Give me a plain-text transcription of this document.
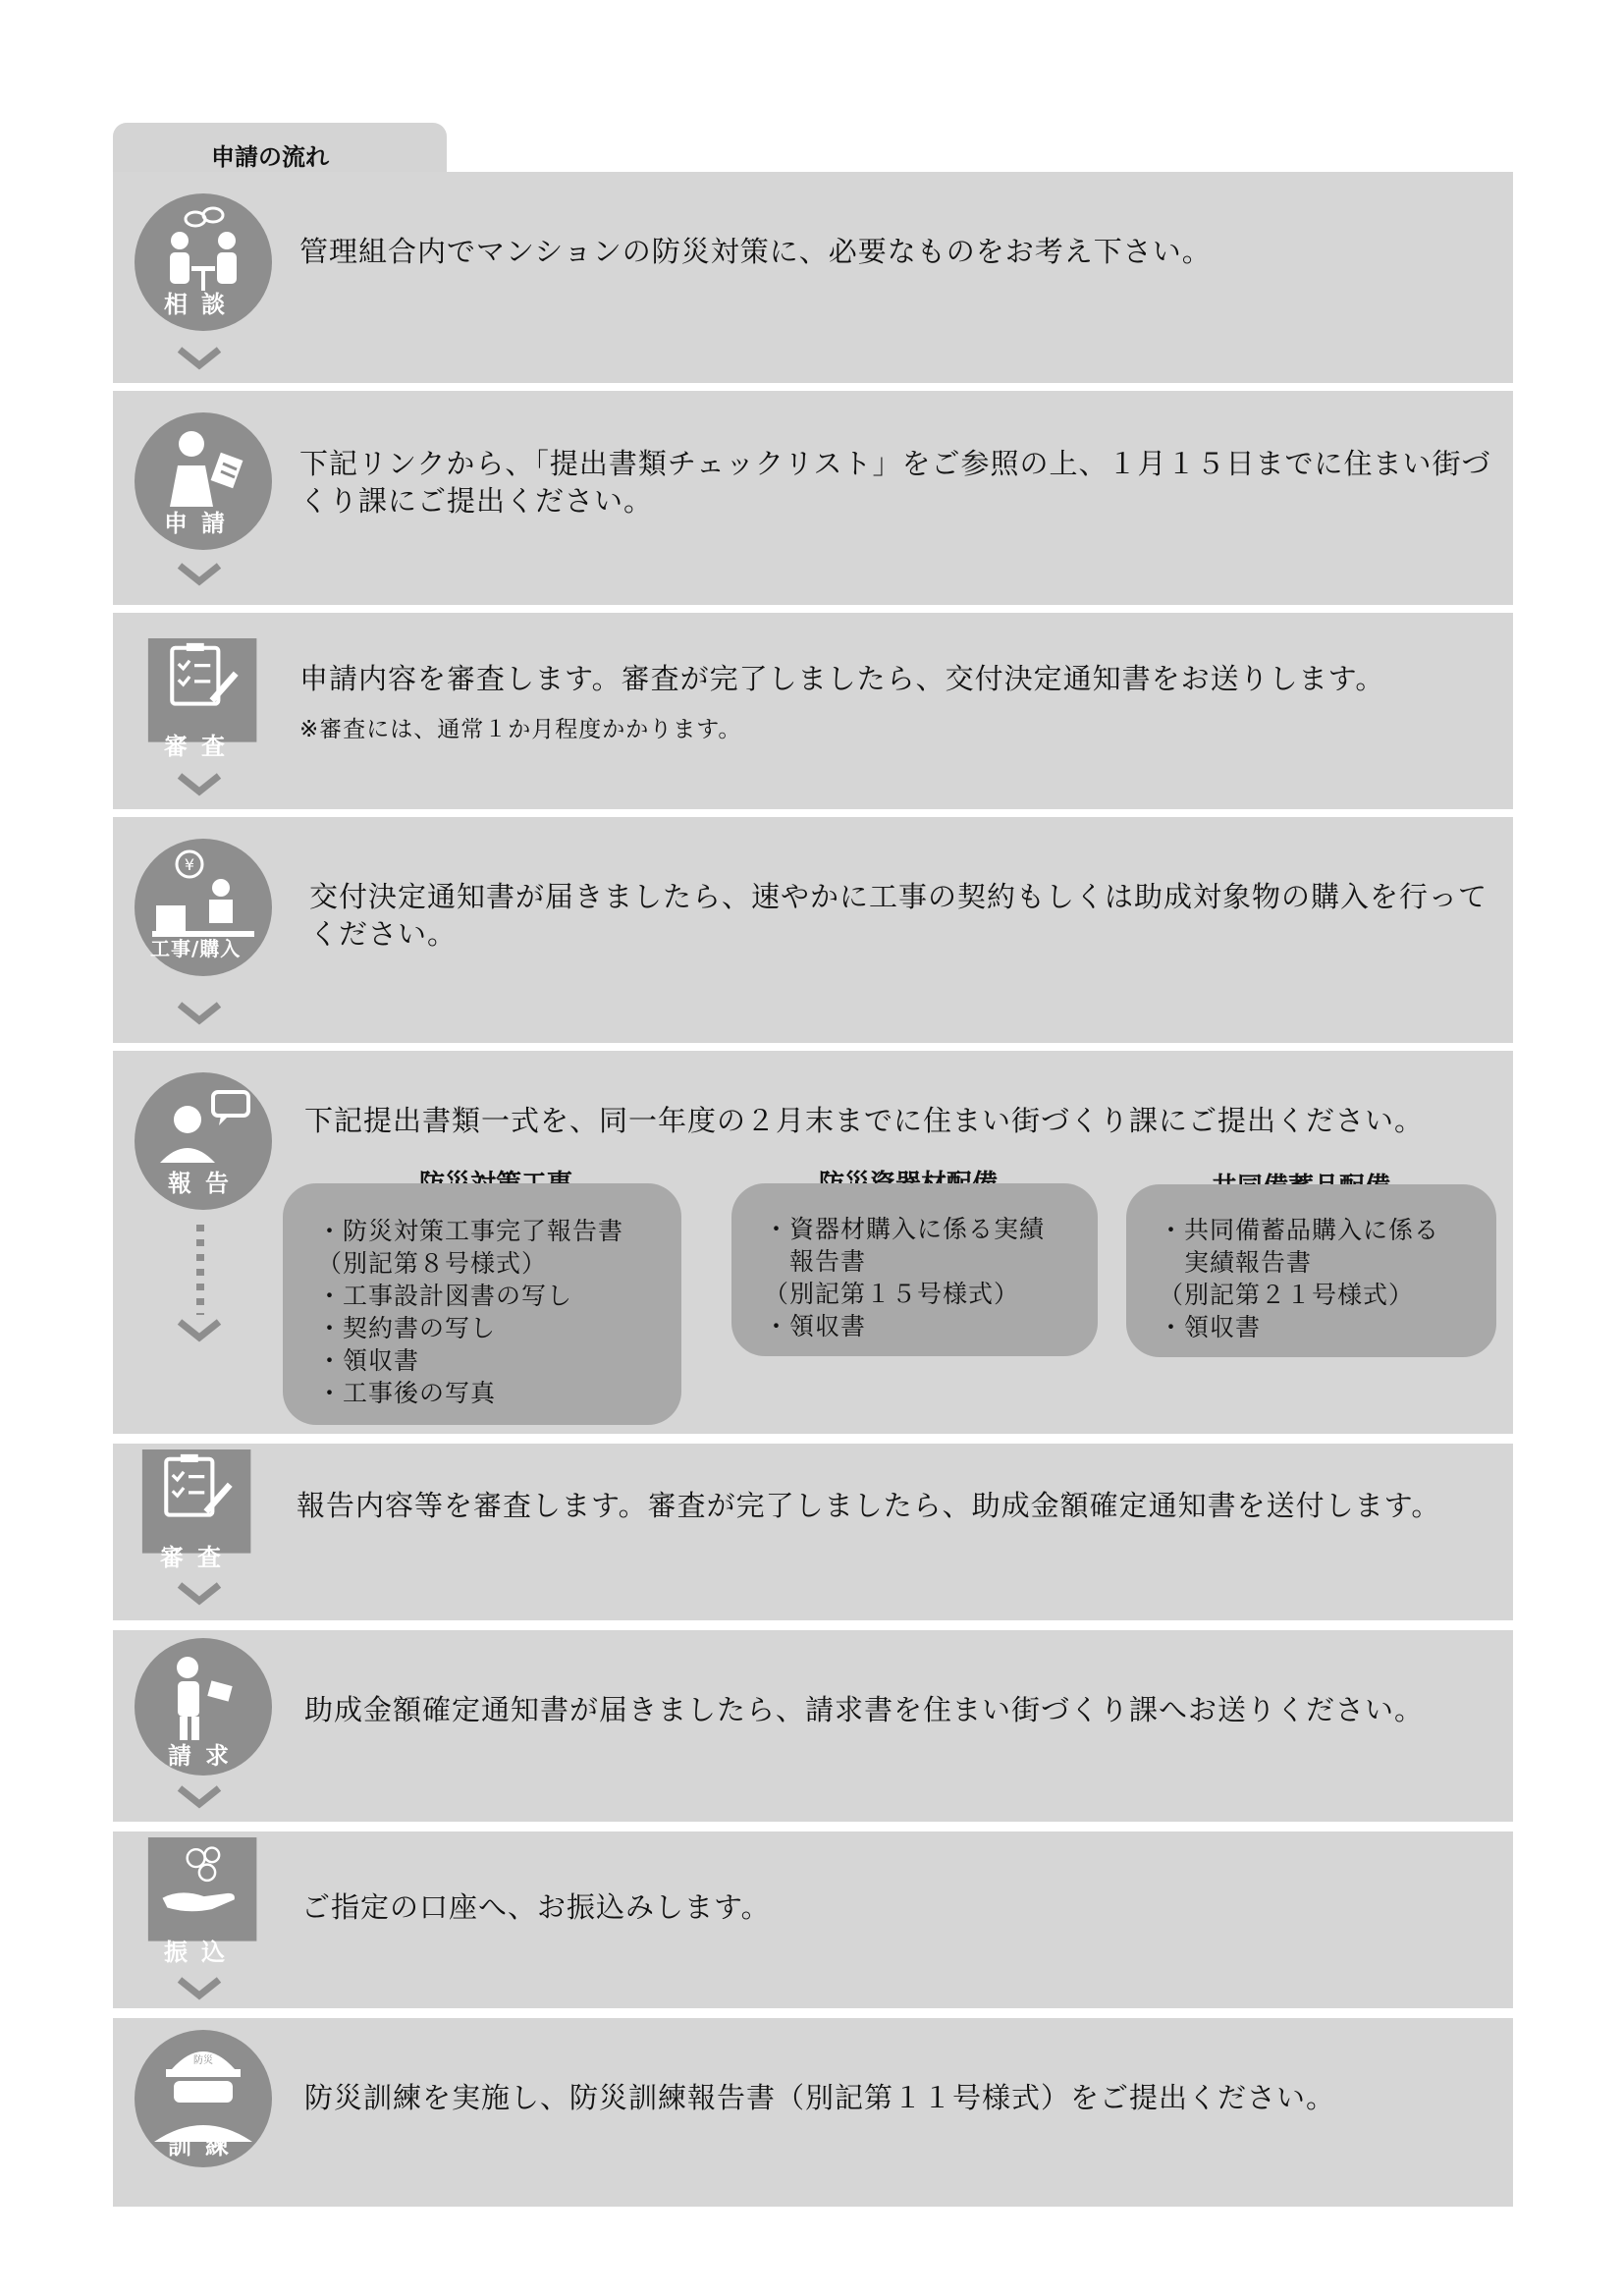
申請の流れ
相談
管理組合内でマンションの防災対策に、必要なものをお考え下さい。
申請
下記リンクから、「提出書類チェックリスト」をご参照の上、１月１５日までに住まい街づくり課にご提出ください。
審査
申請内容を審査します。審査が完了しましたら、交付決定通知書をお送りします。
※審査には、通常１か月程度かかります。
¥
工事/購入
交付決定通知書が届きましたら、速やかに工事の契約もしくは助成対象物の購入を行ってください。
報告
下記提出書類一式を、同一年度の２月末までに住まい街づくり課にご提出ください。
・防災対策工事完了報告書
（別記第８号様式）
・工事設計図書の写し
・契約書の写し
・領収書
・工事後の写真
・資器材購入に係る実績
　報告書
（別記第１５号様式）
・領収書
・共同備蓄品購入に係る
　実績報告書
（別記第２１号様式）
・領収書
審査
報告内容等を審査します。審査が完了しましたら、助成金額確定通知書を送付します。
請求
助成金額確定通知書が届きましたら、請求書を住まい街づくり課へお送りください。
振込
ご指定の口座へ、お振込みします。
防災
訓練
防災訓練を実施し、防災訓練報告書（別記第１１号様式）をご提出ください。
